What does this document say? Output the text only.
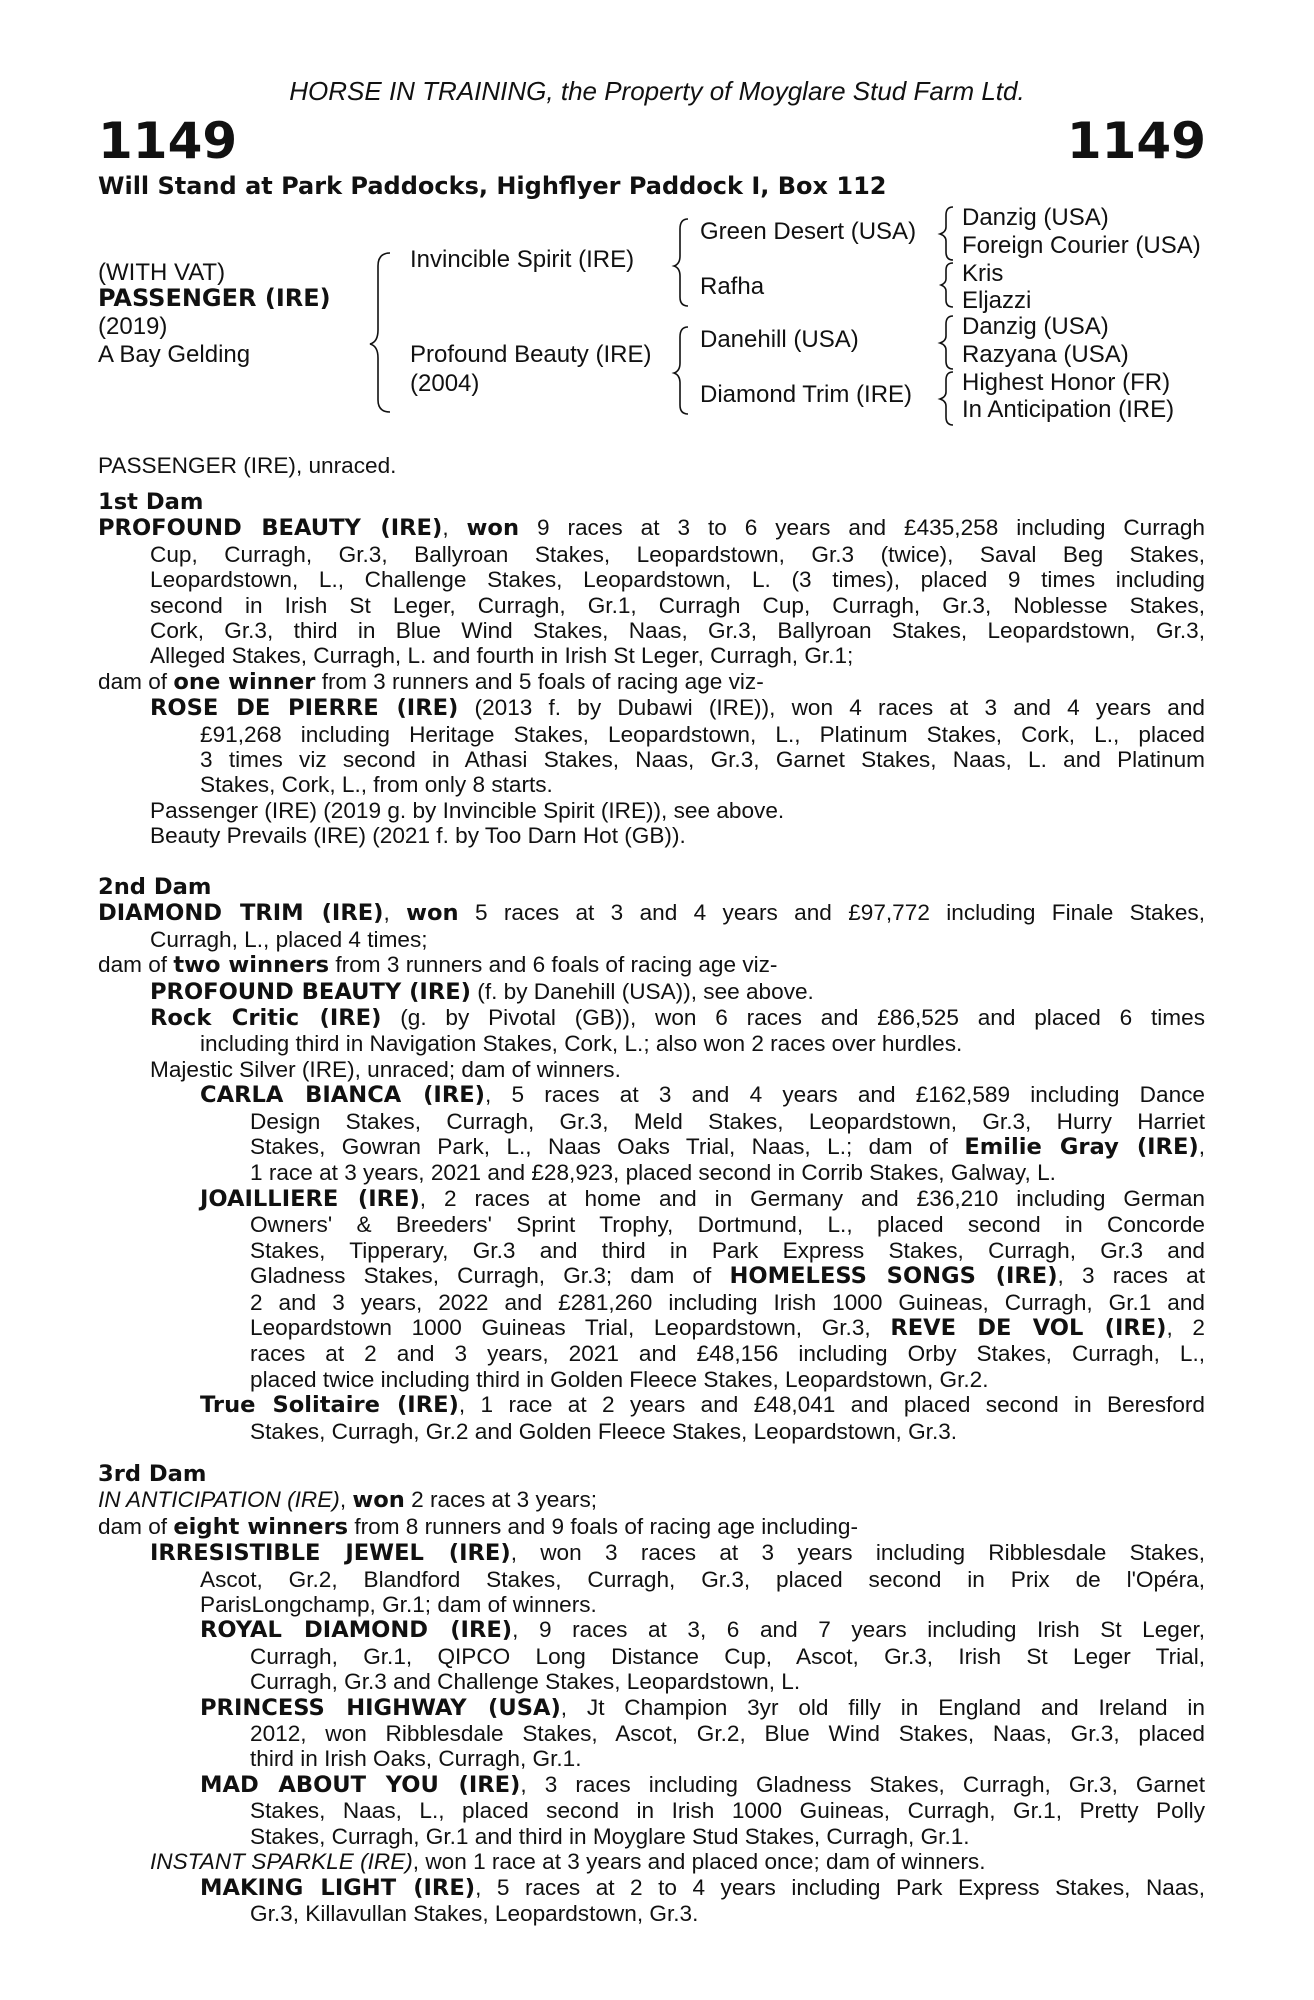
HORSE IN TRAINING, the Property of Moyglare Stud Farm Ltd.
1149	1149
Will Stand at Park Paddocks, Highflyer Paddock I, Box 112
(WITH VAT)
PASSENGER (IRE)
(2019)
A Bay Gelding
Invincible Spirit (IRE)
Profound Beauty (IRE)
(2004)
Green Desert (USA)
Rafha
Danehill (USA)
Diamond Trim (IRE)
Danzig (USA)
Foreign Courier (USA)
Kris
Eljazzi
Danzig (USA)
Razyana (USA)
Highest Honor (FR)
In Anticipation (IRE)
PASSENGER (IRE), unraced.
1st Dam
PROFOUND BEAUTY (IRE), won 9 races at 3 to 6 years and £435,258 including Curragh
Cup, Curragh, Gr.3, Ballyroan Stakes, Leopardstown, Gr.3 (twice), Saval Beg Stakes,
Leopardstown, L., Challenge Stakes, Leopardstown, L. (3 times), placed 9 times including
second in Irish St Leger, Curragh, Gr.1, Curragh Cup, Curragh, Gr.3, Noblesse Stakes,
Cork, Gr.3, third in Blue Wind Stakes, Naas, Gr.3, Ballyroan Stakes, Leopardstown, Gr.3,
Alleged Stakes, Curragh, L. and fourth in Irish St Leger, Curragh, Gr.1;
dam of one winner from 3 runners and 5 foals of racing age viz-
ROSE DE PIERRE (IRE) (2013 f. by Dubawi (IRE)), won 4 races at 3 and 4 years and
£91,268 including Heritage Stakes, Leopardstown, L., Platinum Stakes, Cork, L., placed
3 times viz second in Athasi Stakes, Naas, Gr.3, Garnet Stakes, Naas, L. and Platinum
Stakes, Cork, L., from only 8 starts.
Passenger (IRE) (2019 g. by Invincible Spirit (IRE)), see above.
Beauty Prevails (IRE) (2021 f. by Too Darn Hot (GB)).
2nd Dam
DIAMOND TRIM (IRE), won 5 races at 3 and 4 years and £97,772 including Finale Stakes,
Curragh, L., placed 4 times;
dam of two winners from 3 runners and 6 foals of racing age viz-
PROFOUND BEAUTY (IRE) (f. by Danehill (USA)), see above.
Rock Critic (IRE) (g. by Pivotal (GB)), won 6 races and £86,525 and placed 6 times
including third in Navigation Stakes, Cork, L.; also won 2 races over hurdles.
Majestic Silver (IRE), unraced; dam of winners.
CARLA BIANCA (IRE), 5 races at 3 and 4 years and £162,589 including Dance
Design Stakes, Curragh, Gr.3, Meld Stakes, Leopardstown, Gr.3, Hurry Harriet
Stakes, Gowran Park, L., Naas Oaks Trial, Naas, L.; dam of Emilie Gray (IRE),
1 race at 3 years, 2021 and £28,923, placed second in Corrib Stakes, Galway, L.
JOAILLIERE (IRE), 2 races at home and in Germany and £36,210 including German
Owners' & Breeders' Sprint Trophy, Dortmund, L., placed second in Concorde
Stakes, Tipperary, Gr.3 and third in Park Express Stakes, Curragh, Gr.3 and
Gladness Stakes, Curragh, Gr.3; dam of HOMELESS SONGS (IRE), 3 races at
2 and 3 years, 2022 and £281,260 including Irish 1000 Guineas, Curragh, Gr.1 and
Leopardstown 1000 Guineas Trial, Leopardstown, Gr.3, REVE DE VOL (IRE), 2
races at 2 and 3 years, 2021 and £48,156 including Orby Stakes, Curragh, L.,
placed twice including third in Golden Fleece Stakes, Leopardstown, Gr.2.
True Solitaire (IRE), 1 race at 2 years and £48,041 and placed second in Beresford
Stakes, Curragh, Gr.2 and Golden Fleece Stakes, Leopardstown, Gr.3.
3rd Dam
IN ANTICIPATION (IRE), won 2 races at 3 years;
dam of eight winners from 8 runners and 9 foals of racing age including-
IRRESISTIBLE JEWEL (IRE), won 3 races at 3 years including Ribblesdale Stakes,
Ascot, Gr.2, Blandford Stakes, Curragh, Gr.3, placed second in Prix de l'Opéra,
ParisLongchamp, Gr.1; dam of winners.
ROYAL DIAMOND (IRE), 9 races at 3, 6 and 7 years including Irish St Leger,
Curragh, Gr.1, QIPCO Long Distance Cup, Ascot, Gr.3, Irish St Leger Trial,
Curragh, Gr.3 and Challenge Stakes, Leopardstown, L.
PRINCESS HIGHWAY (USA), Jt Champion 3yr old filly in England and Ireland in
2012, won Ribblesdale Stakes, Ascot, Gr.2, Blue Wind Stakes, Naas, Gr.3, placed
third in Irish Oaks, Curragh, Gr.1.
MAD ABOUT YOU (IRE), 3 races including Gladness Stakes, Curragh, Gr.3, Garnet
Stakes, Naas, L., placed second in Irish 1000 Guineas, Curragh, Gr.1, Pretty Polly
Stakes, Curragh, Gr.1 and third in Moyglare Stud Stakes, Curragh, Gr.1.
INSTANT SPARKLE (IRE), won 1 race at 3 years and placed once; dam of winners.
MAKING LIGHT (IRE), 5 races at 2 to 4 years including Park Express Stakes, Naas,
Gr.3, Killavullan Stakes, Leopardstown, Gr.3.
